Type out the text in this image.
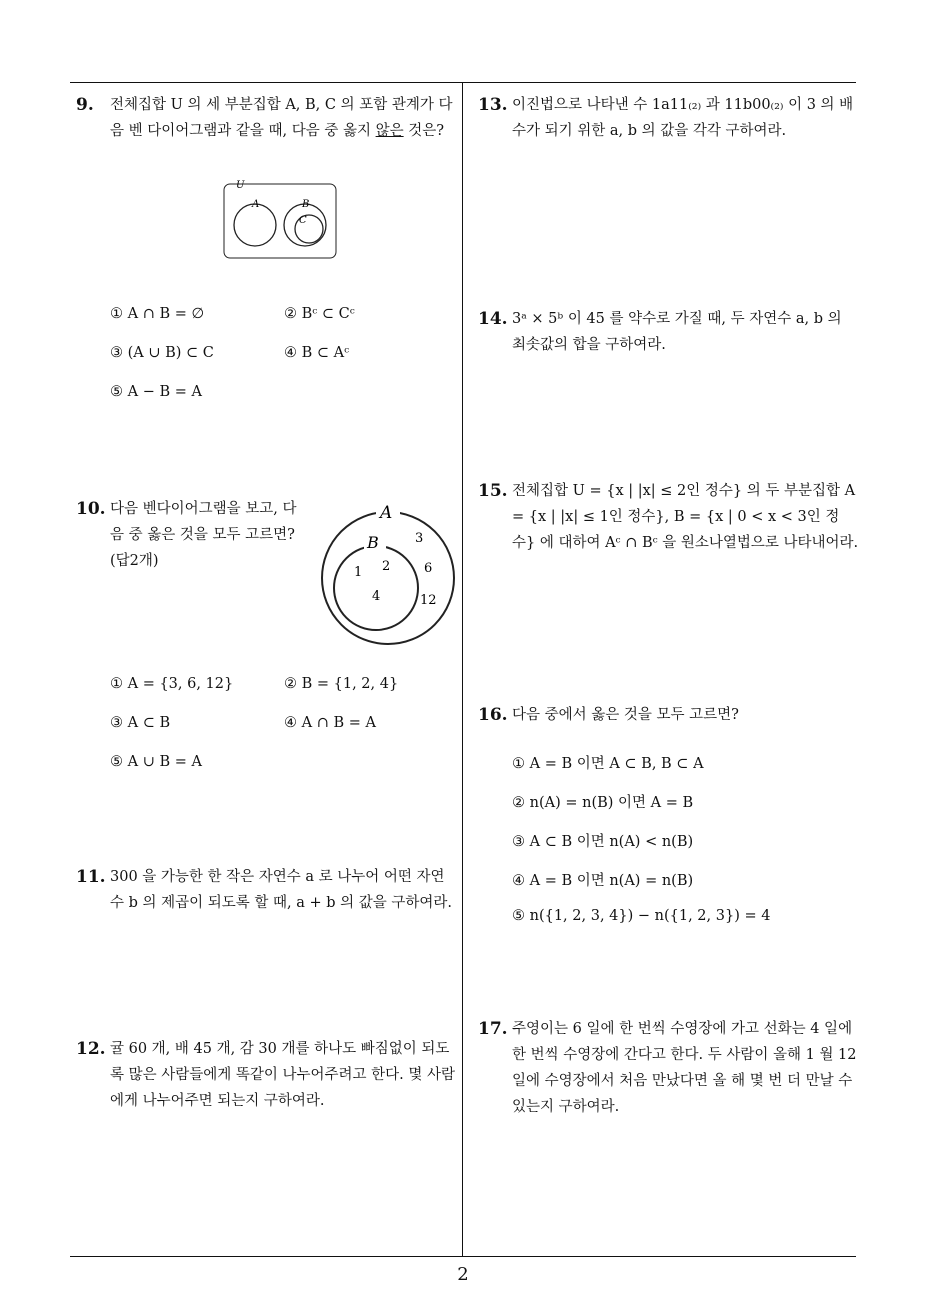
9. 전체집합 U 의 세 부분집합 A, B, C 의 포함 관계가 다음 벤 다이어그램과 같을 때, 다음 중 옳지 않은 것은?
U
A	B
C
① A ∩ B = ∅	② Bᶜ ⊂ Cᶜ
③ (A ∪ B) ⊂ C	④ B ⊂ Aᶜ
⑤ A − B = A
10. 다음 벤다이어그램을 보고, 다음 중 옳은 것을 모두 고르면? (답2개)
A
B
1 2
4
3
6
12
① A = {3, 6, 12}	② B = {1, 2, 4}
③ A ⊂ B	④ A ∩ B = A
⑤ A ∪ B = A
11. 300 을 가능한 한 작은 자연수 a 로 나누어 어떤 자연수 b 의 제곱이 되도록 할 때, a + b 의 값을 구하여라.
12. 귤 60 개, 배 45 개, 감 30 개를 하나도 빠짐없이 되도록 많은 사람들에게 똑같이 나누어주려고 한다. 몇 사람에게 나누어주면 되는지 구하여라.
13. 이진법으로 나타낸 수 1a11₍₂₎ 과 11b00₍₂₎ 이 3 의 배수가 되기 위한 a, b 의 값을 각각 구하여라.
14. 3ᵃ × 5ᵇ 이 45 를 약수로 가질 때, 두 자연수 a, b 의 최솟값의 합을 구하여라.
15. 전체집합 U = {x | |x| ≤ 2인 정수} 의 두 부분집합 A = {x | |x| ≤ 1인 정수}, B = {x | 0 < x < 3인 정수} 에 대하여 Aᶜ ∩ Bᶜ 을 원소나열법으로 나타내어라.
16. 다음 중에서 옳은 것을 모두 고르면?
① A = B 이면 A ⊂ B, B ⊂ A
② n(A) = n(B) 이면 A = B
③ A ⊂ B 이면 n(A) < n(B)
④ A = B 이면 n(A) = n(B)
⑤ n({1, 2, 3, 4}) − n({1, 2, 3}) = 4
17. 주영이는 6 일에 한 번씩 수영장에 가고 선화는 4 일에 한 번씩 수영장에 간다고 한다. 두 사람이 올해 1 월 12 일에 수영장에서 처음 만났다면 올 해 몇 번 더 만날 수 있는지 구하여라.
2
